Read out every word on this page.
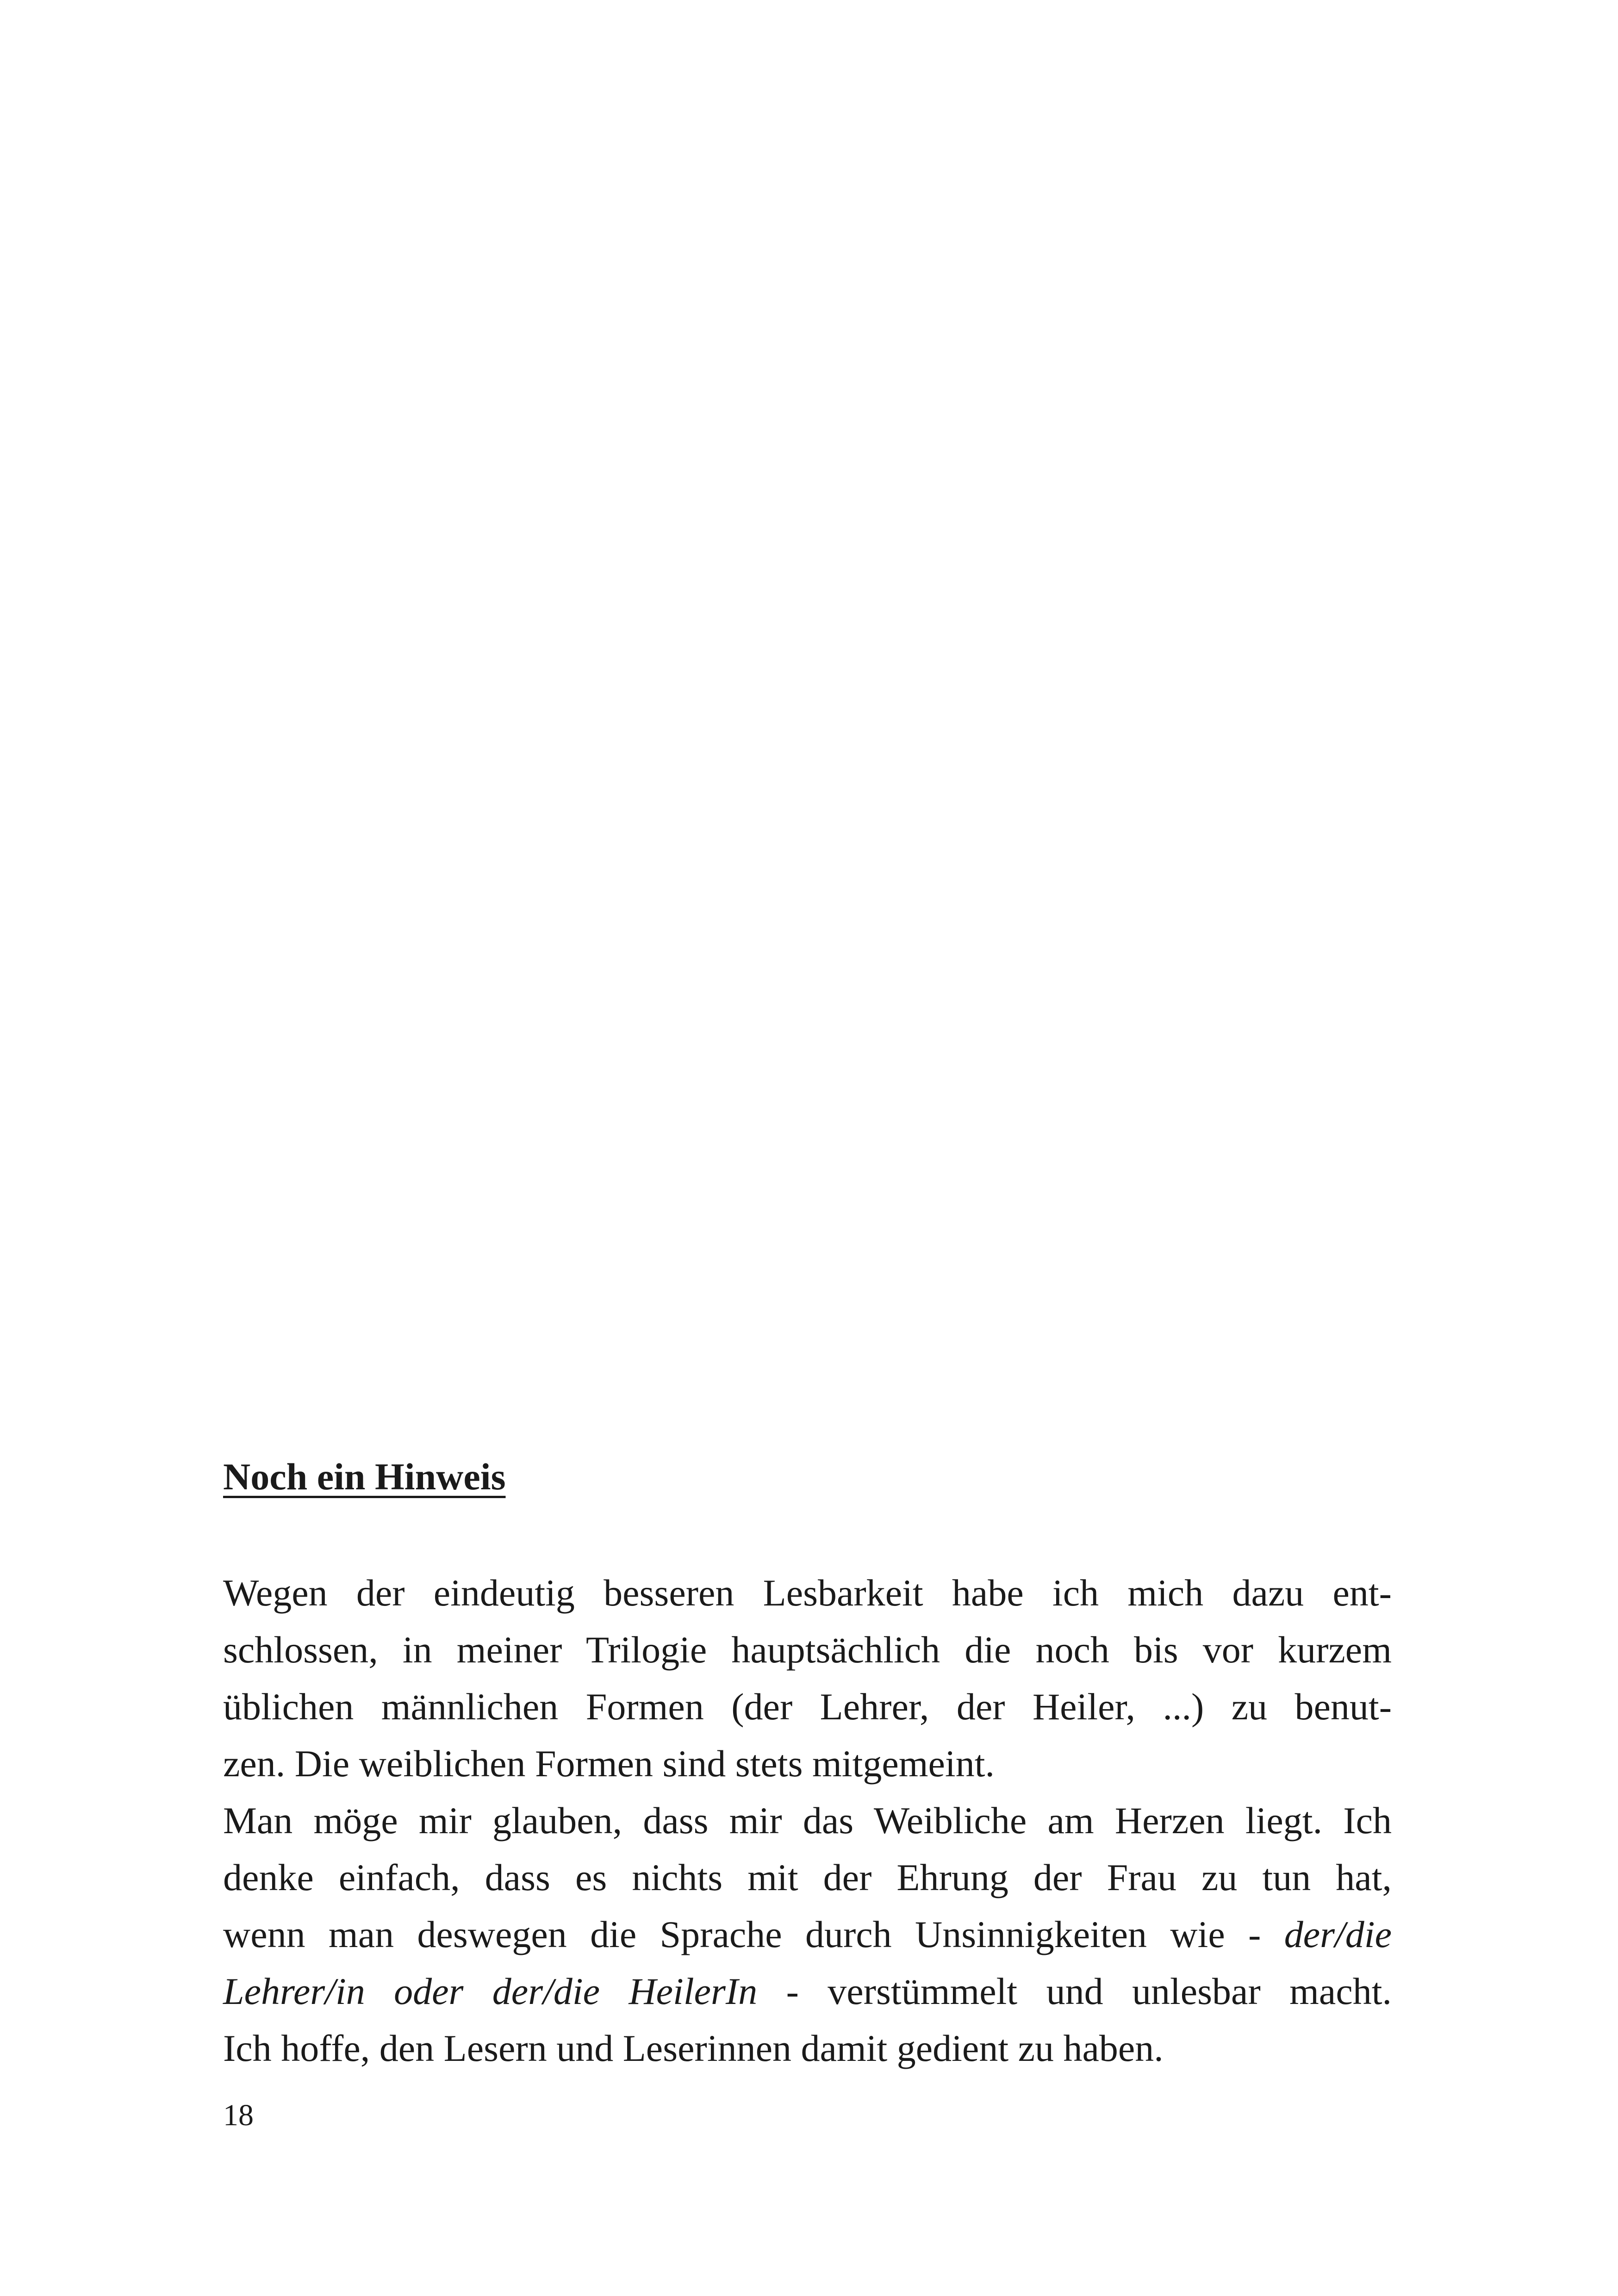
Noch ein Hinweis
Wegen der eindeutig besseren Lesbarkeit habe ich mich dazu ent-
schlossen, in meiner Trilogie hauptsächlich die noch bis vor kurzem
üblichen männlichen Formen (der Lehrer, der Heiler, ...) zu benut-
zen. Die weiblichen Formen sind stets mitgemeint.
Man möge mir glauben, dass mir das Weibliche am Herzen liegt. Ich
denke einfach, dass es nichts mit der Ehrung der Frau zu tun hat,
wenn man deswegen die Sprache durch Unsinnigkeiten wie - der/die
Lehrer/in oder der/die HeilerIn - verstümmelt und unlesbar macht.
Ich hoffe, den Lesern und Leserinnen damit gedient zu haben.
18
